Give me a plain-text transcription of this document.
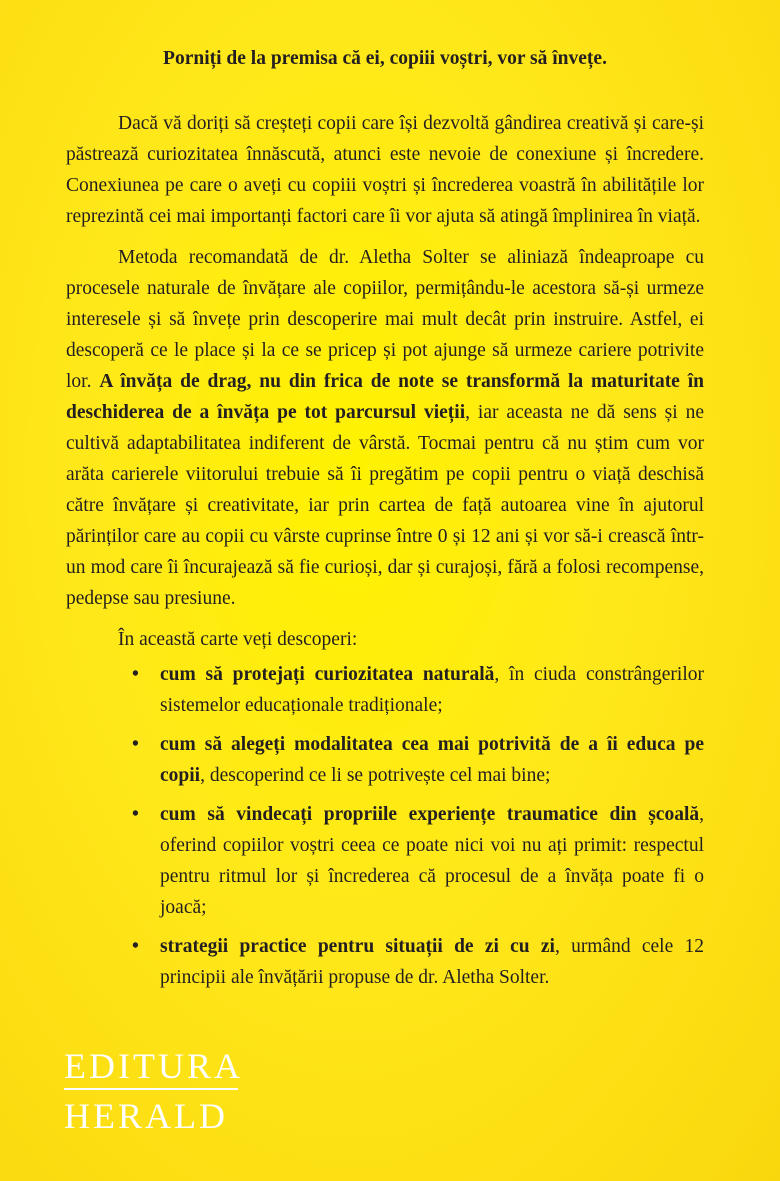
Porniți de la premisa că ei, copiii voștri, vor să învețe.

Dacă vă doriți să creșteți copii care își dezvoltă gândirea creativă și care-și păstrează curiozitatea înnăscută, atunci este nevoie de conexiune și încredere. Conexiunea pe care o aveți cu copiii voștri și încrederea voastră în abilitățile lor reprezintă cei mai importanți factori care îi vor ajuta să atingă împlinirea în viață.

Metoda recomandată de dr. Aletha Solter se aliniază îndeaproape cu procesele naturale de învățare ale copiilor, permițându-le acestora să-și urmeze interesele și să învețe prin descoperire mai mult decât prin instruire. Astfel, ei descoperă ce le place și la ce se pricep și pot ajunge să urmeze cariere potrivite lor. A învăța de drag, nu din frica de note se transformă la maturitate în deschiderea de a învăța pe tot parcursul vieții, iar aceasta ne dă sens și ne cultivă adaptabilitatea indiferent de vârstă. Tocmai pentru că nu știm cum vor arăta carierele viitorului trebuie să îi pregătim pe copii pentru o viață deschisă către învățare și creativitate, iar prin cartea de față autoarea vine în ajutorul părinților care au copii cu vârste cuprinse între 0 și 12 ani și vor să-i crească într-un mod care îi încurajează să fie curioși, dar și curajoși, fără a folosi recompense, pedepse sau presiune.

În această carte veți descoperi:

• cum să protejați curiozitatea naturală, în ciuda constrângerilor sistemelor educaționale tradiționale;
• cum să alegeți modalitatea cea mai potrivită de a îi educa pe copii, descoperind ce li se potrivește cel mai bine;
• cum să vindecați propriile experiențe traumatice din școală, oferind copiilor voștri ceea ce poate nici voi nu ați primit: respectul pentru ritmul lor și încrederea că procesul de a învăța poate fi o joacă;
• strategii practice pentru situații de zi cu zi, urmând cele 12 principii ale învățării propuse de dr. Aletha Solter.
EDITURA
HERALD
